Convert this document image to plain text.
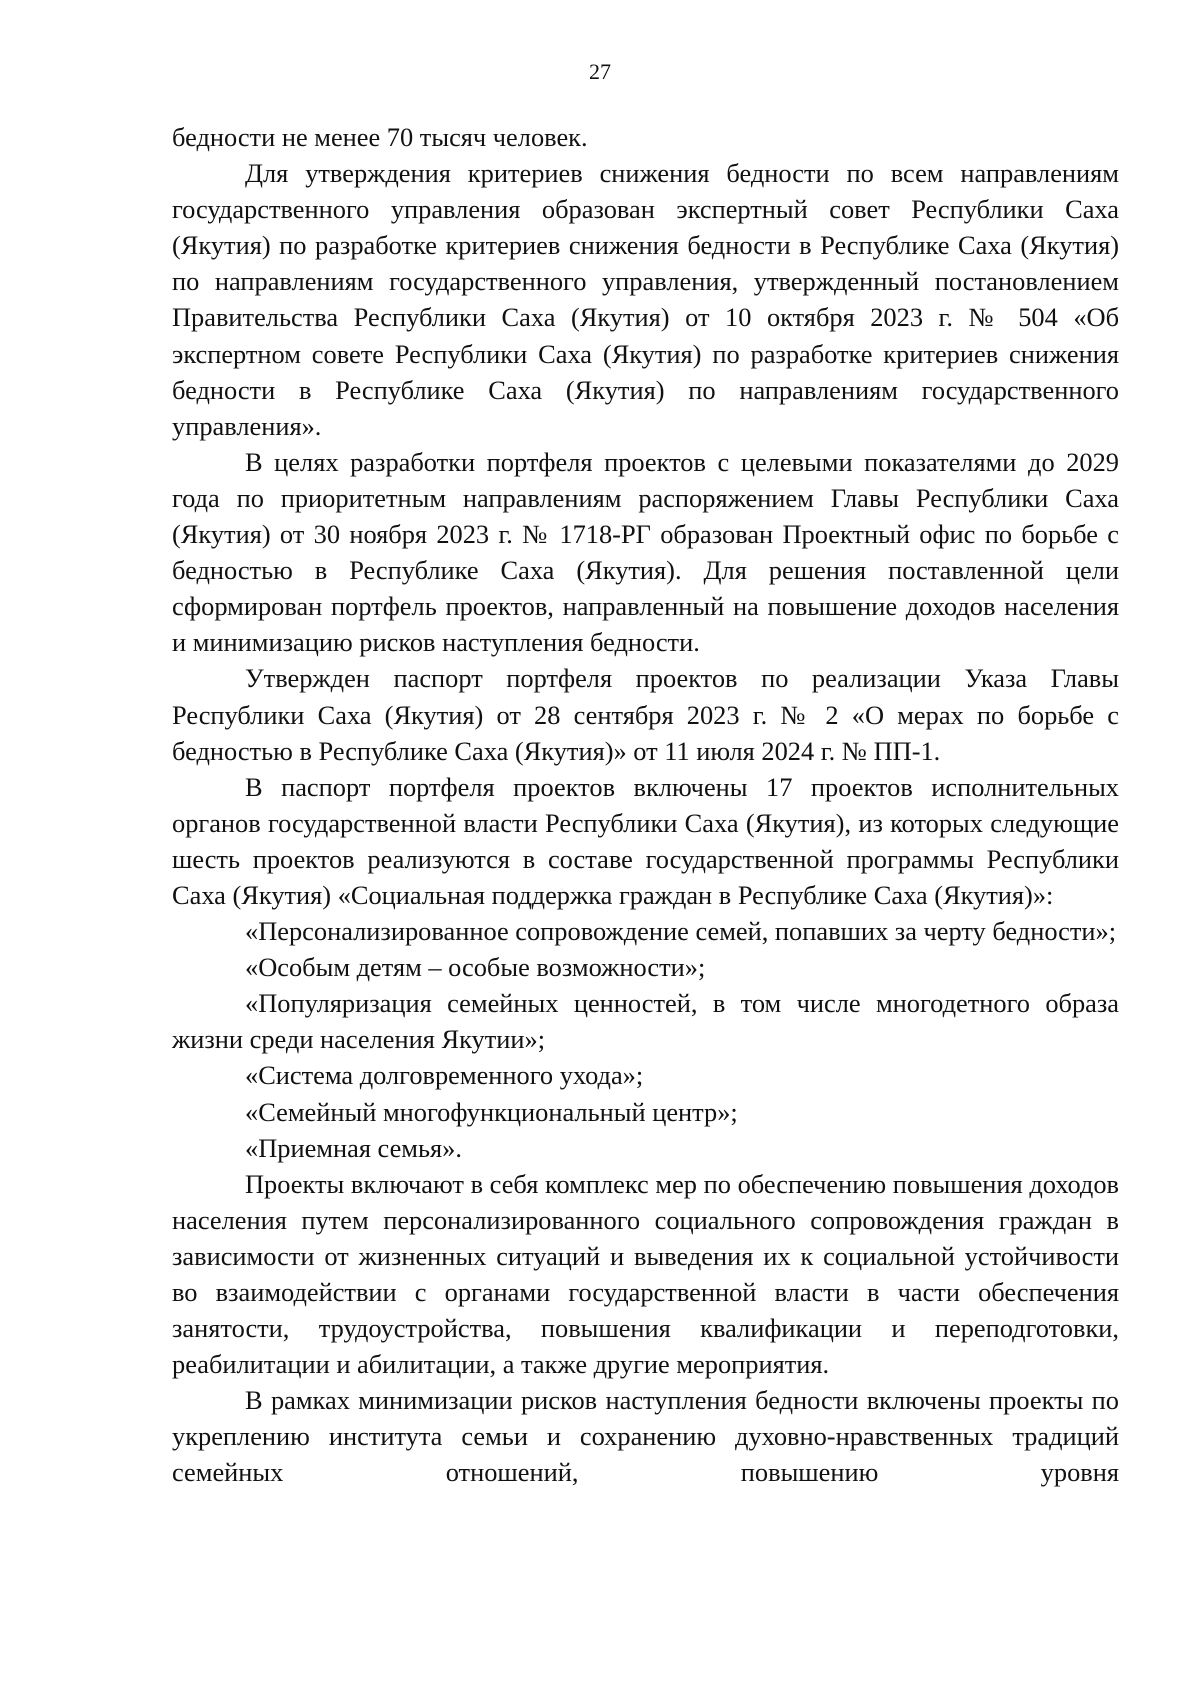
27

бедности не менее 70 тысяч человек.

Для утверждения критериев снижения бедности по всем направлениям государственного управления образован экспертный совет Республики Саха (Якутия) по разработке критериев снижения бедности в Республике Саха (Якутия) по направлениям государственного управления, утвержденный постановлением Правительства Республики Саха (Якутия) от 10 октября 2023 г. № 504 «Об экспертном совете Республики Саха (Якутия) по разработке критериев снижения бедности в Республике Саха (Якутия) по направлениям государственного управления».

В целях разработки портфеля проектов с целевыми показателями до 2029 года по приоритетным направлениям распоряжением Главы Республики Саха (Якутия) от 30 ноября 2023 г. № 1718-РГ образован Проектный офис по борьбе с бедностью в Республике Саха (Якутия). Для решения поставленной цели сформирован портфель проектов, направленный на повышение доходов населения и минимизацию рисков наступления бедности.

Утвержден паспорт портфеля проектов по реализации Указа Главы Республики Саха (Якутия) от 28 сентября 2023 г. № 2 «О мерах по борьбе с бедностью в Республике Саха (Якутия)» от 11 июля 2024 г. № ПП-1.

В паспорт портфеля проектов включены 17 проектов исполнительных органов государственной власти Республики Саха (Якутия), из которых следующие шесть проектов реализуются в составе государственной программы Республики Саха (Якутия) «Социальная поддержка граждан в Республике Саха (Якутия)»:

«Персонализированное сопровождение семей, попавших за черту бедности»;

«Особым детям – особые возможности»;

«Популяризация семейных ценностей, в том числе многодетного образа жизни среди населения Якутии»;

«Система долговременного ухода»;

«Семейный многофункциональный центр»;

«Приемная семья».

Проекты включают в себя комплекс мер по обеспечению повышения доходов населения путем персонализированного социального сопровождения граждан в зависимости от жизненных ситуаций и выведения их к социальной устойчивости во взаимодействии с органами государственной власти в части обеспечения занятости, трудоустройства, повышения квалификации и переподготовки, реабилитации и абилитации, а также другие мероприятия.

В рамках минимизации рисков наступления бедности включены проекты по укреплению института семьи и сохранению духовно-нравственных традиций семейных отношений, повышению уровня
